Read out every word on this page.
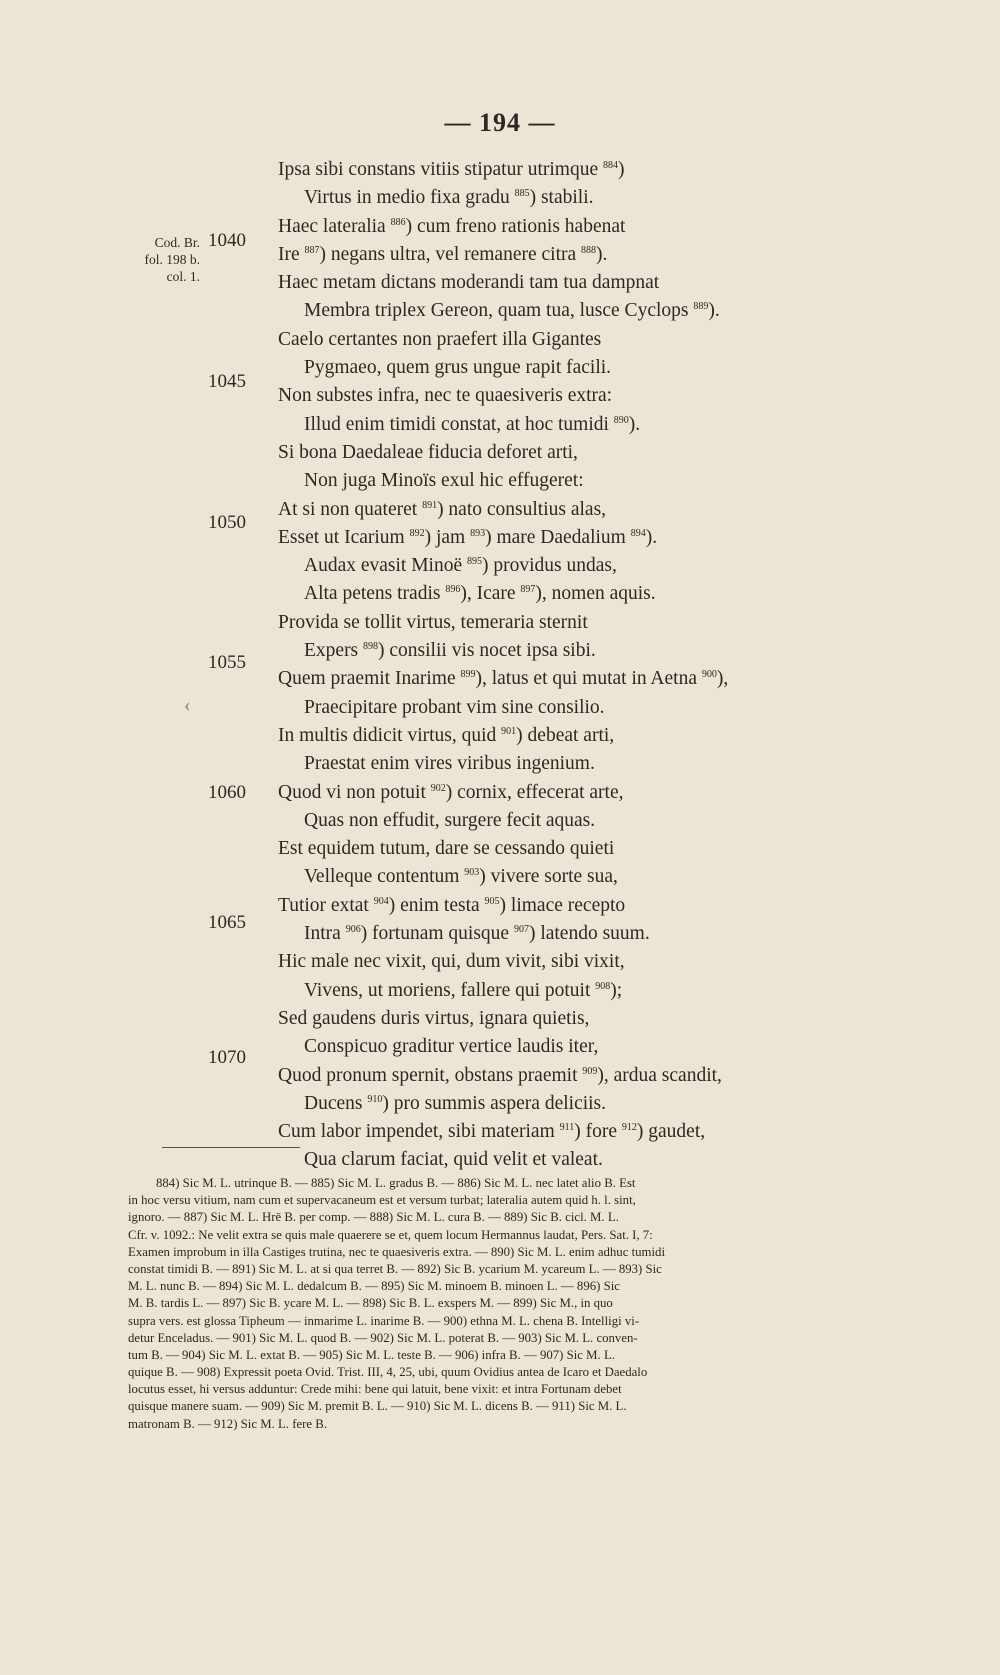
— 194 —
Cod. Br.
fol. 198 b.
col. 1.
1040
1045
1050
1055
1060
1065
1070
‹
Ipsa sibi constans vitiis stipatur utrimque $^{884}$)
Virtus in medio fixa gradu $^{885}$) stabili.
Haec lateralia $^{886}$) cum freno rationis habenat
Ire $^{887}$) negans ultra, vel remanere citra $^{888}$).
Haec metam dictans moderandi tam tua dampnat
Membra triplex Gereon, quam tua, lusce Cyclops $^{889}$).
Caelo certantes non praefert illa Gigantes
Pygmaeo, quem grus ungue rapit facili.
Non substes infra, nec te quaesiveris extra:
Illud enim timidi constat, at hoc tumidi $^{890}$).
Si bona Daedaleae fiducia deforet arti,
Non juga Minoïs exul hic effugeret:
At si non quateret $^{891}$) nato consultius alas,
Esset ut Icarium $^{892}$) jam $^{893}$) mare Daedalium $^{894}$).
Audax evasit Minoë $^{895}$) providus undas,
Alta petens tradis $^{896}$), Icare $^{897}$), nomen aquis.
Provida se tollit virtus, temeraria sternit
Expers $^{898}$) consilii vis nocet ipsa sibi.
Quem praemit Inarime $^{899}$), latus et qui mutat in Aetna $^{900}$),
Praecipitare probant vim sine consilio.
In multis didicit virtus, quid $^{901}$) debeat arti,
Praestat enim vires viribus ingenium.
Quod vi non potuit $^{902}$) cornix, effecerat arte,
Quas non effudit, surgere fecit aquas.
Est equidem tutum, dare se cessando quieti
Velleque contentum $^{903}$) vivere sorte sua,
Tutior extat $^{904}$) enim testa $^{905}$) limace recepto
Intra $^{906}$) fortunam quisque $^{907}$) latendo suum.
Hic male nec vixit, qui, dum vivit, sibi vixit,
Vivens, ut moriens, fallere qui potuit $^{908}$);
Sed gaudens duris virtus, ignara quietis,
Conspicuo graditur vertice laudis iter,
Quod pronum spernit, obstans praemit $^{909}$), ardua scandit,
Ducens $^{910}$) pro summis aspera deliciis.
Cum labor impendet, sibi materiam $^{911}$) fore $^{912}$) gaudet,
Qua clarum faciat, quid velit et valeat.
884) Sic M. L. utrinque B. — 885) Sic M. L. gradus B. — 886) Sic M. L. nec latet alio B. Est
in hoc versu vitium, nam cum et supervacaneum est et versum turbat; lateralia autem quid h. l. sint,
ignoro. — 887) Sic M. L. Hrē B. per comp. — 888) Sic M. L. cura B. — 889) Sic B. cicl. M. L.
Cfr. v. 1092.: Ne velit extra se quis male quaerere se et, quem locum Hermannus laudat, Pers. Sat. I, 7:
Examen improbum in illa Castiges trutina, nec te quaesiveris extra. — 890) Sic M. L. enim adhuc tumidi
constat timidi B. — 891) Sic M. L. at si qua terret B. — 892) Sic B. ycarium M. ycareum L. — 893) Sic
M. L. nunc B. — 894) Sic M. L. dedalcum B. — 895) Sic M. minoem B. minoen L. — 896) Sic
M. B. tardis L. — 897) Sic B. ycare M. L. — 898) Sic B. L. exspers M. — 899) Sic M., in quo
supra vers. est glossa Tipheum — inmarime L. inarime B. — 900) ethna M. L. chena B. Intelligi vi-
detur Enceladus. — 901) Sic M. L. quod B. — 902) Sic M. L. poterat B. — 903) Sic M. L. conven-
tum B. — 904) Sic M. L. extat B. — 905) Sic M. L. teste B. — 906) infra B. — 907) Sic M. L.
quique B. — 908) Expressit poeta Ovid. Trist. III, 4, 25, ubi, quum Ovidius antea de Icaro et Daedalo
locutus esset, hi versus adduntur: Crede mihi: bene qui latuit, bene vixit: et intra Fortunam debet
quisque manere suam. — 909) Sic M. premit B. L. — 910) Sic M. L. dicens B. — 911) Sic M. L.
matronam B. — 912) Sic M. L. fere B.
